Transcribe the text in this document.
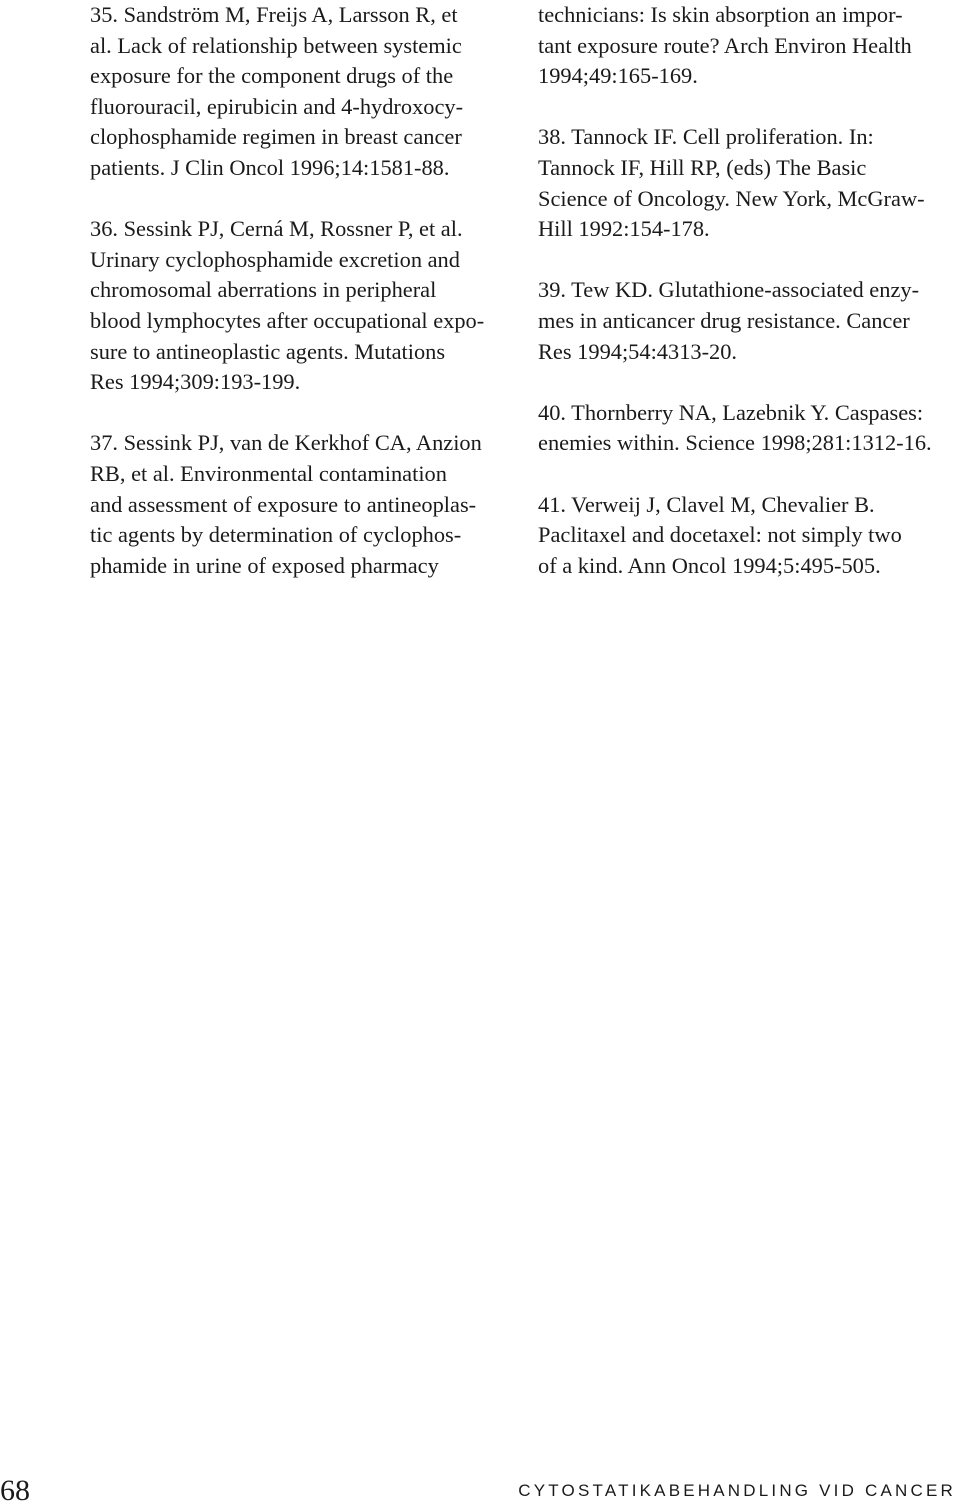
35. Sandström M, Freijs A, Larsson R, et
al. Lack of relationship between systemic
exposure for the component drugs of the
fluorouracil, epirubicin and 4-hydroxocy-
clophosphamide regimen in breast cancer
patients. J Clin Oncol 1996;14:1581-88.
36. Sessink PJ, Cerná M, Rossner P, et al.
Urinary cyclophosphamide excretion and
chromosomal aberrations in peripheral
blood lymphocytes after occupational expo-
sure to antineoplastic agents. Mutations
Res 1994;309:193-199.
37. Sessink PJ, van de Kerkhof CA, Anzion
RB, et al. Environmental contamination
and assessment of exposure to antineoplas-
tic agents by determination of cyclophos-
phamide in urine of exposed pharmacy
technicians: Is skin absorption an impor-
tant exposure route? Arch Environ Health
1994;49:165-169.
38. Tannock IF. Cell proliferation. In:
Tannock IF, Hill RP, (eds) The Basic
Science of Oncology. New York, McGraw-
Hill 1992:154-178.
39. Tew KD. Glutathione-associated enzy-
mes in anticancer drug resistance. Cancer
Res 1994;54:4313-20.
40. Thornberry NA, Lazebnik Y. Caspases:
enemies within. Science 1998;281:1312-16.
41. Verweij J, Clavel M, Chevalier B.
Paclitaxel and docetaxel: not simply two
of a kind. Ann Oncol 1994;5:495-505.
68	CYTOSTATIKABEHANDLING VID CANCER
